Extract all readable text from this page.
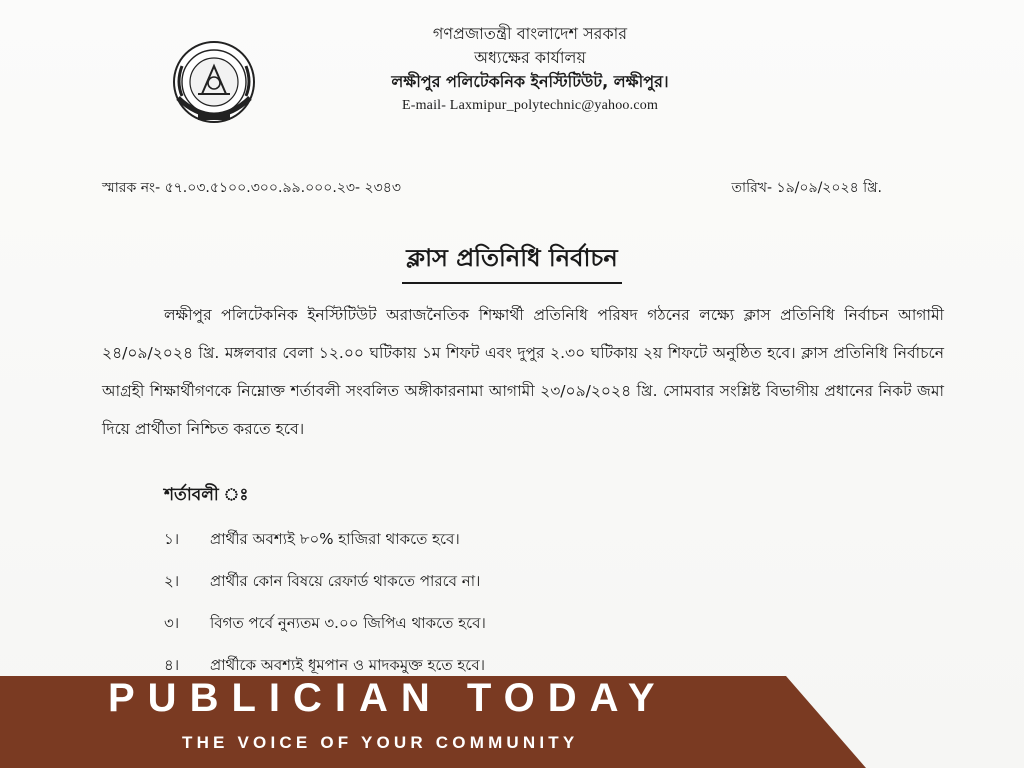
গণপ্রজাতন্ত্রী বাংলাদেশ সরকার
অধ্যক্ষের কার্যালয়
লক্ষীপুর পলিটেকনিক ইনস্টিটিউট, লক্ষীপুর।
E-mail- Laxmipur_polytechnic@yahoo.com
স্মারক নং- ৫৭.০৩.৫১০০.৩০০.৯৯.০০০.২৩- ২৩৪৩	তারিখ- ১৯/০৯/২০২৪ খ্রি.
ক্লাস প্রতিনিধি নির্বাচন
লক্ষীপুর পলিটেকনিক ইনস্টিটিউট অরাজনৈতিক শিক্ষার্থী প্রতিনিধি পরিষদ গঠনের লক্ষ্যে ক্লাস প্রতিনিধি নির্বাচন আগামী ২৪/০৯/২০২৪ খ্রি. মঙ্গলবার বেলা ১২.০০ ঘটিকায় ১ম শিফট এবং দুপুর ২.৩০ ঘটিকায় ২য় শিফটে অনুষ্ঠিত হবে। ক্লাস প্রতিনিধি নির্বাচনে আগ্রহী শিক্ষার্থীগণকে নিম্নোক্ত শর্তাবলী সংবলিত অঙ্গীকারনামা আগামী ২৩/০৯/২০২৪ খ্রি. সোমবার সংশ্লিষ্ট বিভাগীয় প্রধানের নিকট জমা দিয়ে প্রার্থীতা নিশ্চিত করতে হবে।
শর্তাবলী ঃ
১।	প্রার্থীর অবশ্যই ৮০% হাজিরা থাকতে হবে।
২।	প্রার্থীর কোন বিষয়ে রেফার্ড থাকতে পারবে না।
৩।	বিগত পর্বে নুন্যতম ৩.০০ জিপিএ থাকতে হবে।
৪।	প্রার্থীকে অবশ্যই ধূমপান ও মাদকমুক্ত হতে হবে।
PUBLICIAN TODAY
THE VOICE OF YOUR COMMUNITY
